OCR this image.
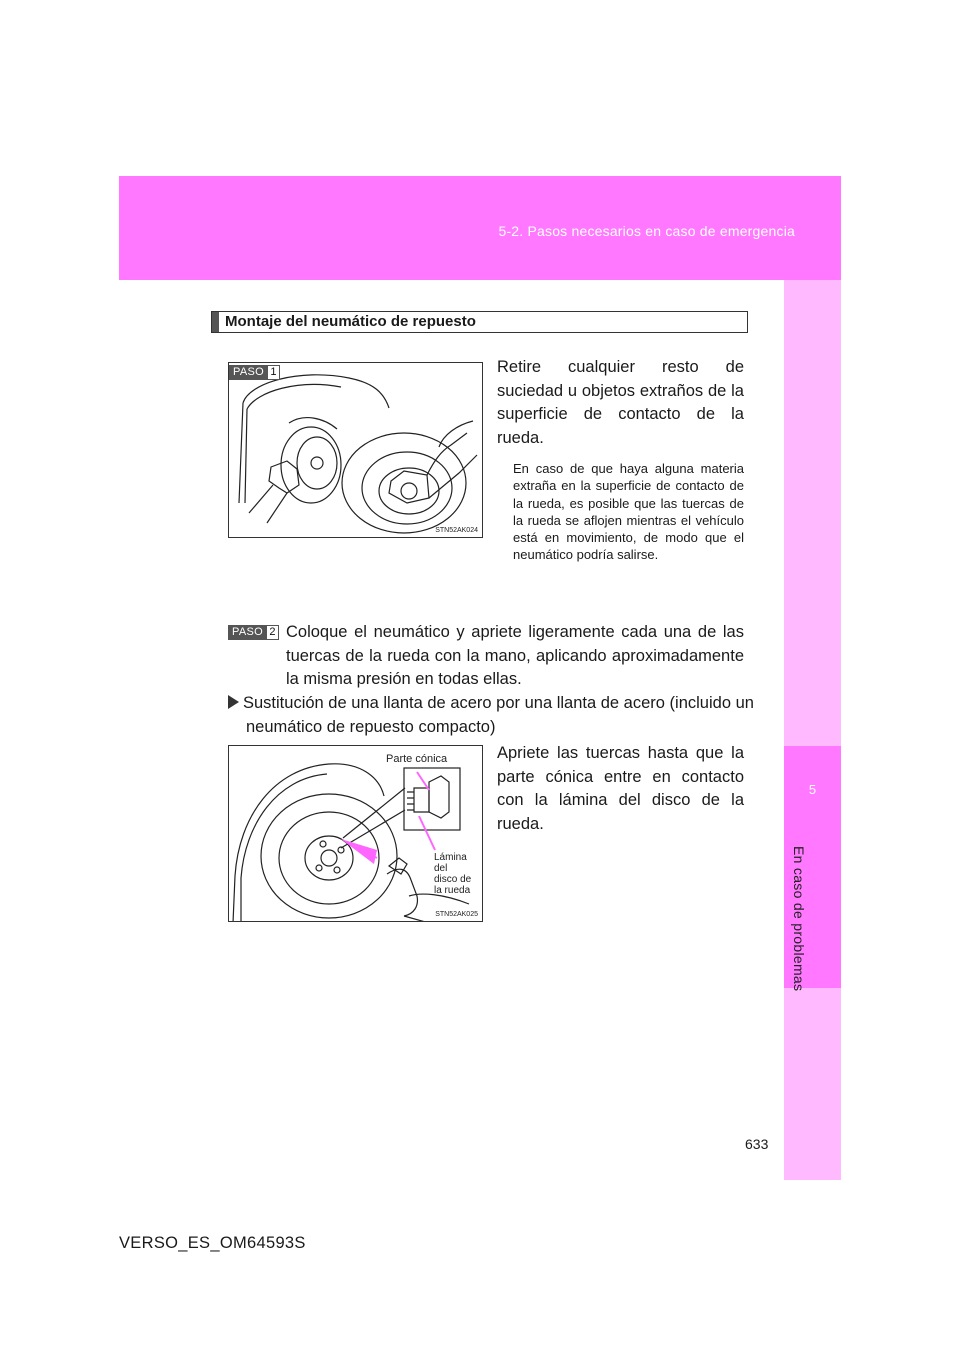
5-2. Pasos necesarios en caso de emergencia
5
En caso de problemas
Montaje del neumático de repuesto
PASO 1
STN52AK024
Retire cualquier resto de suciedad u objetos extraños de la superficie de contacto de la rueda.
En caso de que haya alguna materia extraña en la superficie de contacto de la rueda, es posible que las tuercas de la rueda se aflojen mientras el vehículo está en movimiento, de modo que el neumático podría salirse.
PASO 2 Coloque el neumático y apriete ligeramente cada una de las tuercas de la rueda con la mano, aplicando aproximadamente la misma presión en todas ellas.
Sustitución de una llanta de acero por una llanta de acero (incluido un neumático de repuesto compacto)
Parte cónica
Lámina
del
disco de
la rueda
STN52AK025
Apriete las tuercas hasta que la parte cónica entre en contacto con la lámina del disco de la rueda.
633
VERSO_ES_OM64593S
